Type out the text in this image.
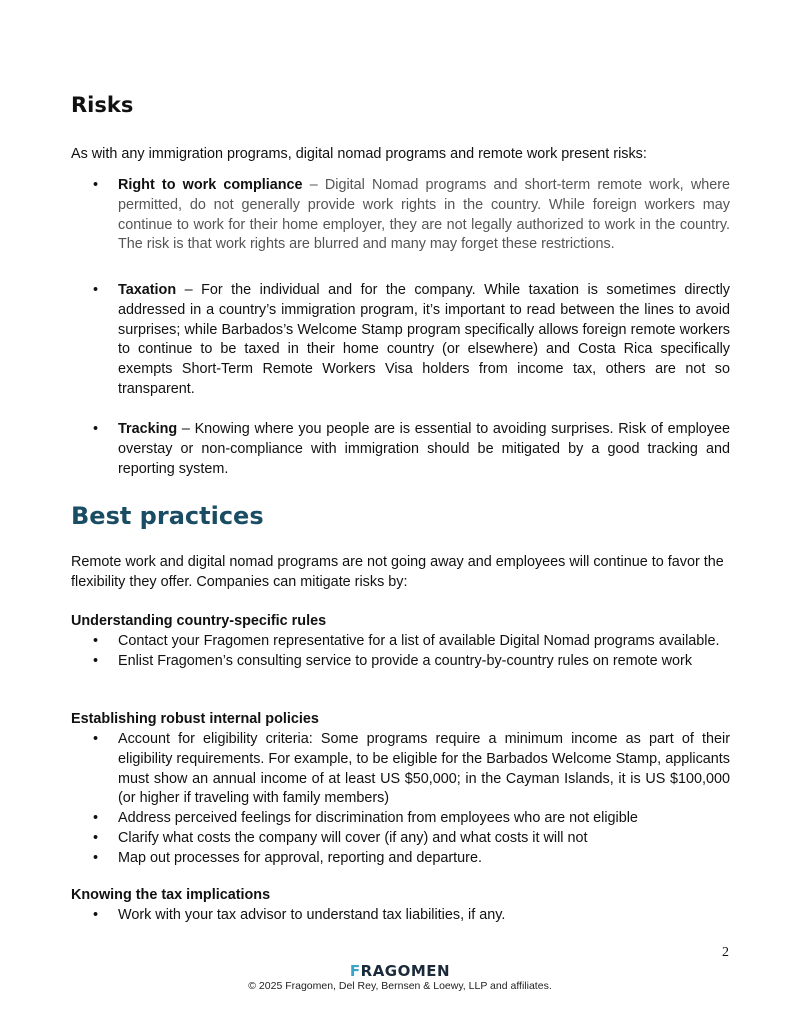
Risks

As with any immigration programs, digital nomad programs and remote work present risks:

• Right to work compliance – Digital Nomad programs and short-term remote work, where permitted, do not generally provide work rights in the country. While foreign workers may continue to work for their home employer, they are not legally authorized to work in the country. The risk is that work rights are blurred and many may forget these restrictions.
• Taxation – For the individual and for the company. While taxation is sometimes directly addressed in a country’s immigration program, it’s important to read between the lines to avoid surprises; while Barbados’s Welcome Stamp program specifically allows foreign remote workers to continue to be taxed in their home country (or elsewhere) and Costa Rica specifically exempts Short-Term Remote Workers Visa holders from income tax, others are not so transparent.
• Tracking – Knowing where you people are is essential to avoiding surprises. Risk of employee overstay or non-compliance with immigration should be mitigated by a good tracking and reporting system.
Best practices

Remote work and digital nomad programs are not going away and employees will continue to favor the flexibility they offer. Companies can mitigate risks by:

Understanding country-specific rules
• Contact your Fragomen representative for a list of available Digital Nomad programs available.
• Enlist Fragomen’s consulting service to provide a country-by-country rules on remote work
Establishing robust internal policies
• Account for eligibility criteria: Some programs require a minimum income as part of their eligibility requirements. For example, to be eligible for the Barbados Welcome Stamp, applicants must show an annual income of at least US $50,000; in the Cayman Islands, it is US $100,000 (or higher if traveling with family members)
• Address perceived feelings for discrimination from employees who are not eligible
• Clarify what costs the company will cover (if any) and what costs it will not
• Map out processes for approval, reporting and departure.
Knowing the tax implications
• Work with your tax advisor to understand tax liabilities, if any.
2
FRAGOMEN
© 2025 Fragomen, Del Rey, Bernsen & Loewy, LLP and affiliates.
